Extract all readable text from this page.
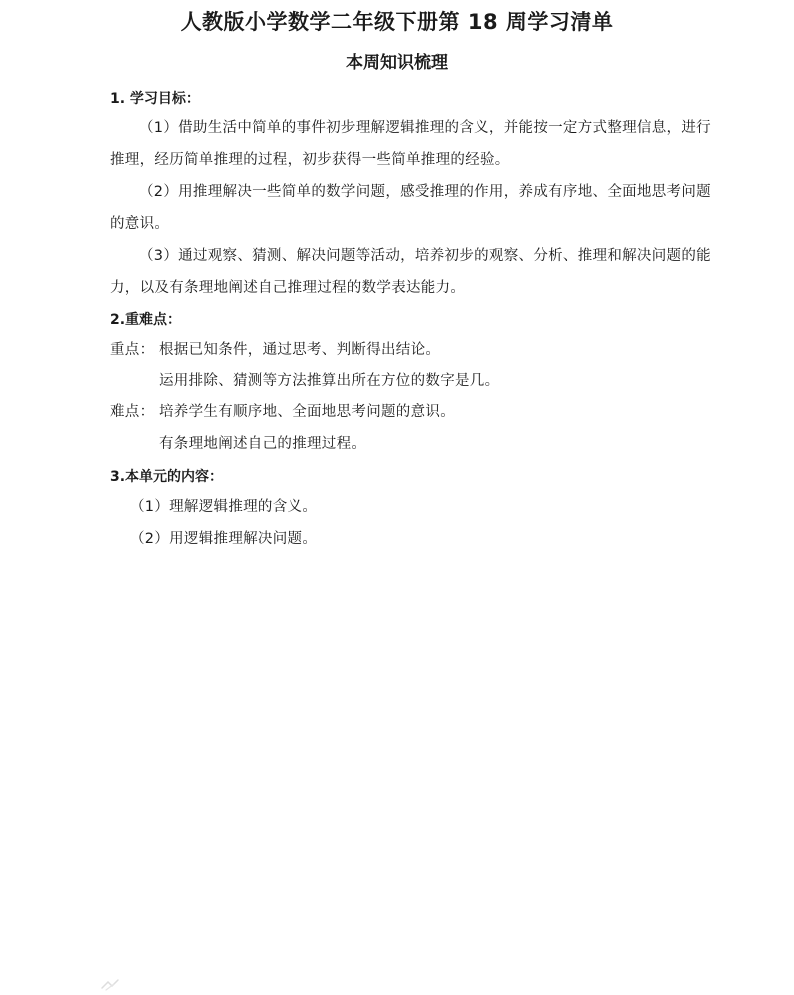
人教版小学数学二年级下册第 18 周学习清单
本周知识梳理
1. 学习目标：

（1）借助生活中简单的事件初步理解逻辑推理的含义，并能按一定方式整理信息，进行推理，经历简单推理的过程，初步获得一些简单推理的经验。

（2）用推理解决一些简单的数学问题，感受推理的作用，养成有序地、全面地思考问题的意识。

（3）通过观察、猜测、解决问题等活动，培养初步的观察、分析、推理和解决问题的能力，以及有条理地阐述自己推理过程的数学表达能力。

2.重难点：
重点： 根据已知条件，通过思考、判断得出结论。
运用排除、猜测等方法推算出所在方位的数字是几。
难点： 培养学生有顺序地、全面地思考问题的意识。
有条理地阐述自己的推理过程。
3.本单元的内容：
（1）理解逻辑推理的含义。
（2）用逻辑推理解决问题。
